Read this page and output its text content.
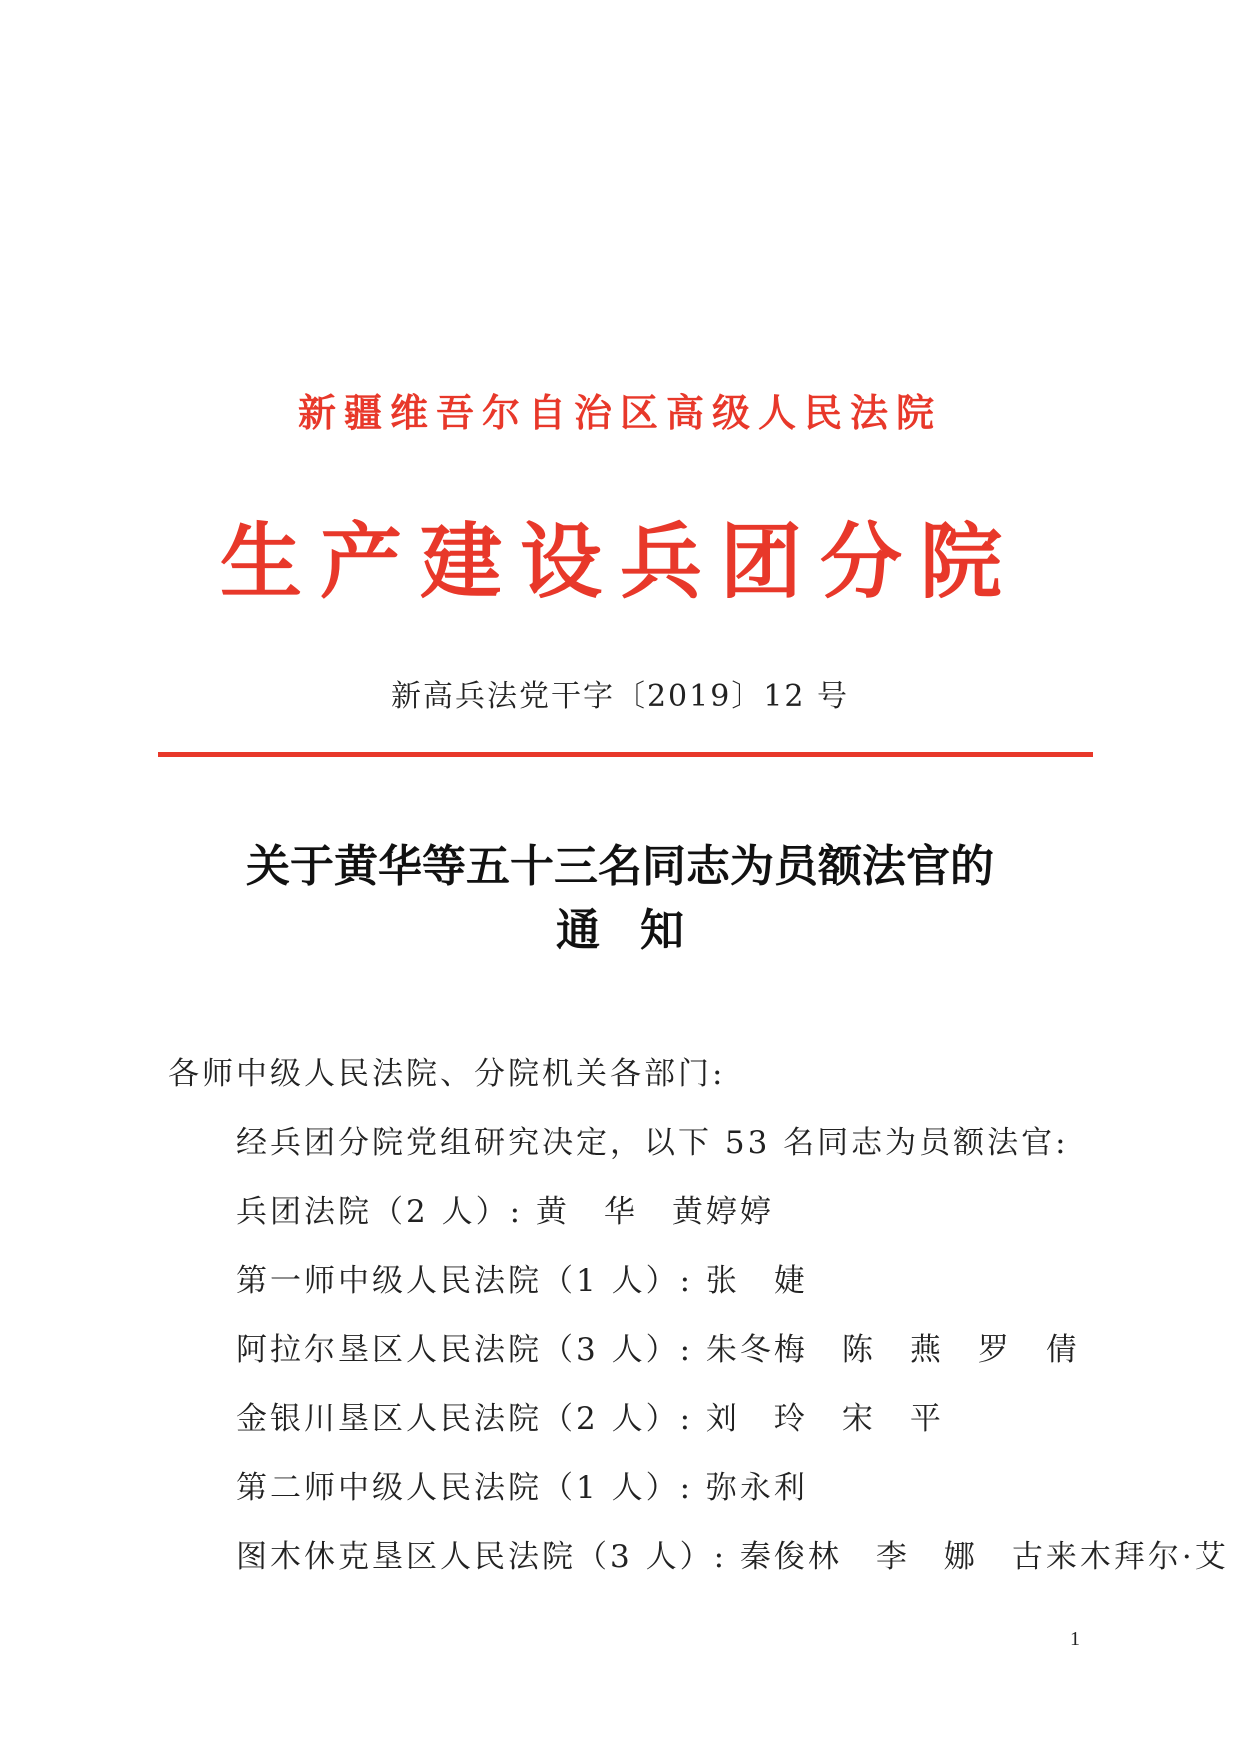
新疆维吾尔自治区高级人民法院
生产建设兵团分院
新高兵法党干字〔2019〕12 号
关于黄华等五十三名同志为员额法官的
通知
各师中级人民法院、分院机关各部门:
经兵团分院党组研究决定，以下 53 名同志为员额法官:
兵团法院（2 人）: 黄　华　黄婷婷
第一师中级人民法院（1 人）: 张　婕
阿拉尔垦区人民法院（3 人）: 朱冬梅　陈　燕　罗　倩
金银川垦区人民法院（2 人）: 刘　玲　宋　平
第二师中级人民法院（1 人）: 弥永利
图木休克垦区人民法院（3 人）: 秦俊林　李　娜　古来木拜尔·艾
1
